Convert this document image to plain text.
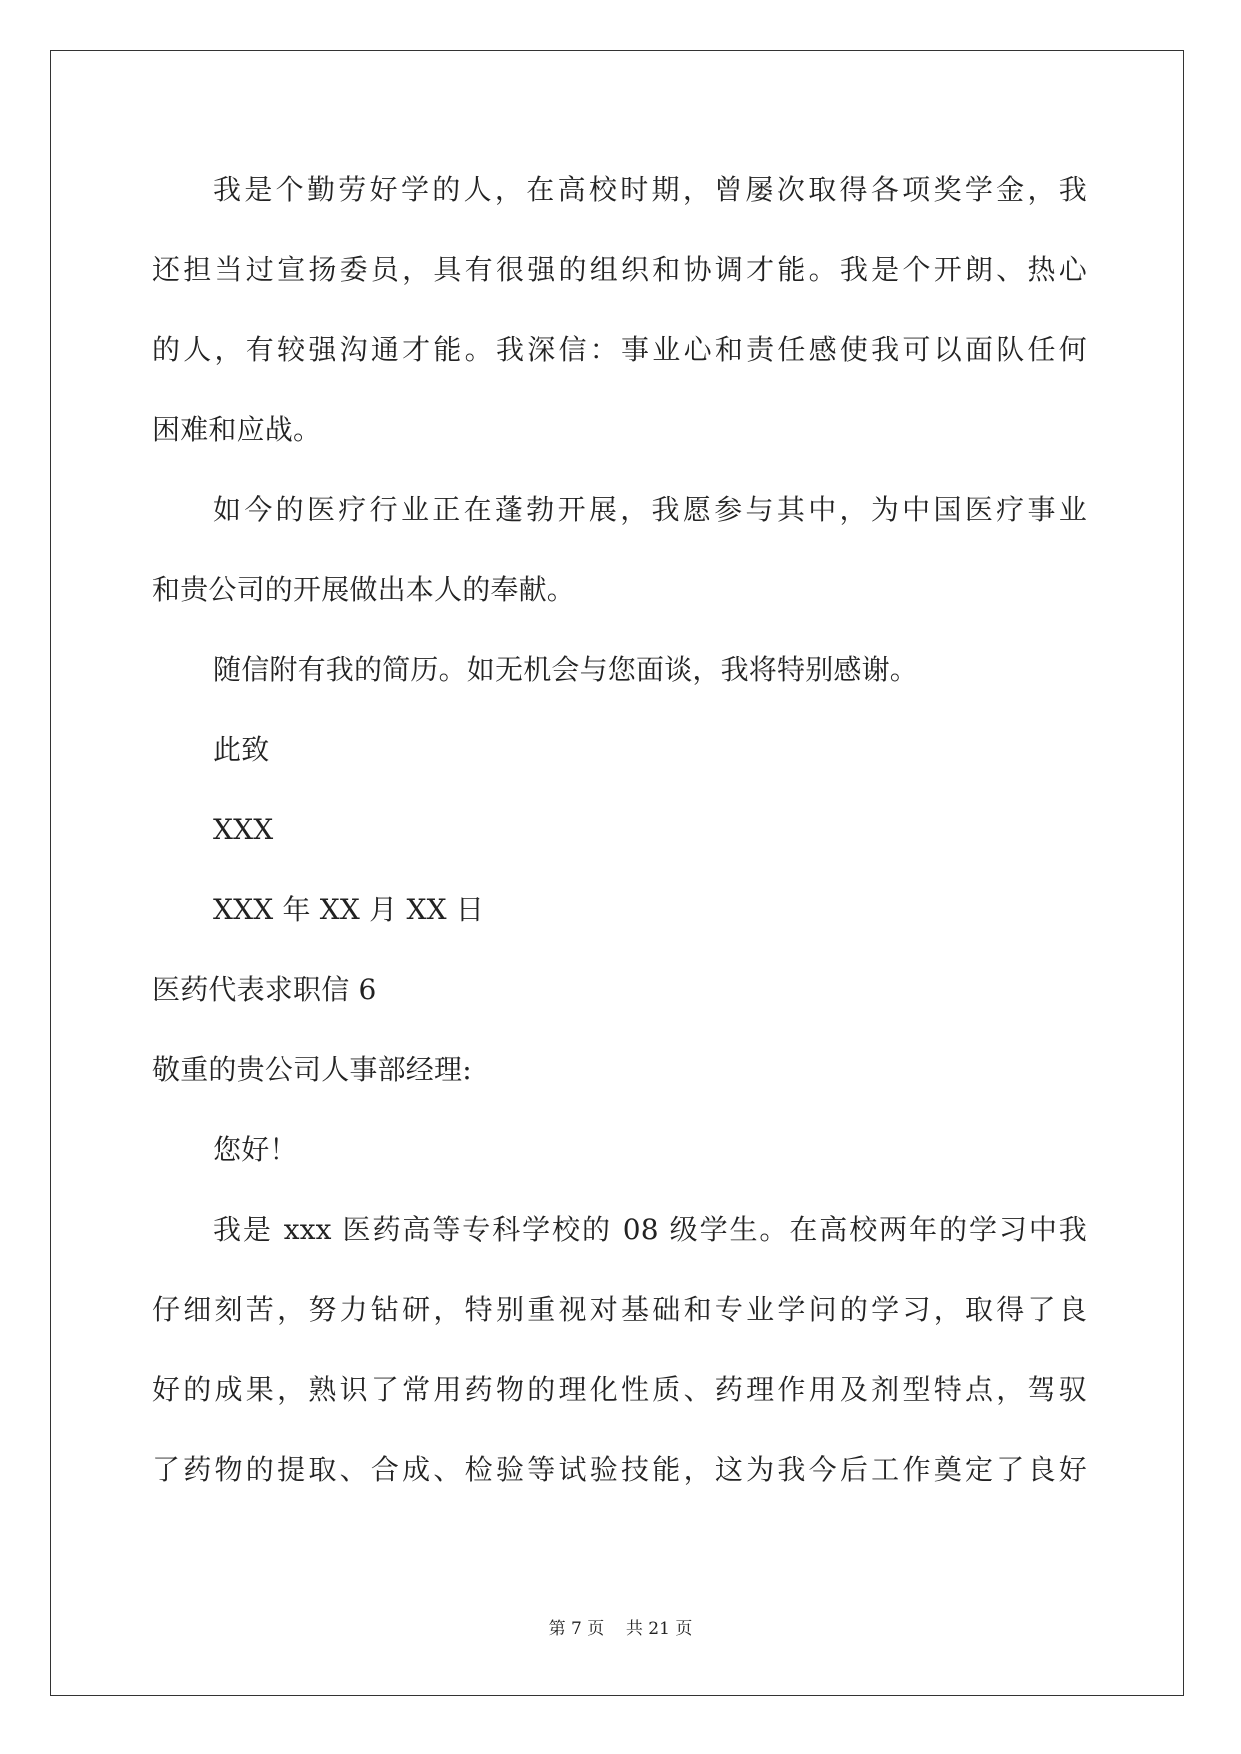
我是个勤劳好学的人，在高校时期，曾屡次取得各项奖学金，我
还担当过宣扬委员，具有很强的组织和协调才能。我是个开朗、热心
的人，有较强沟通才能。我深信：事业心和责任感使我可以面队任何
困难和应战。
如今的医疗行业正在蓬勃开展，我愿参与其中，为中国医疗事业
和贵公司的开展做出本人的奉献。
随信附有我的简历。如无机会与您面谈，我将特别感谢。
此致
XXX
XXX 年 XX 月 XX 日
医药代表求职信 6
敬重的贵公司人事部经理:
您好！
我是 xxx 医药高等专科学校的 08 级学生。在高校两年的学习中我
仔细刻苦，努力钻研，特别重视对基础和专业学问的学习，取得了良
好的成果，熟识了常用药物的理化性质、药理作用及剂型特点，驾驭
了药物的提取、合成、检验等试验技能，这为我今后工作奠定了良好
第 7 页    共 21 页
